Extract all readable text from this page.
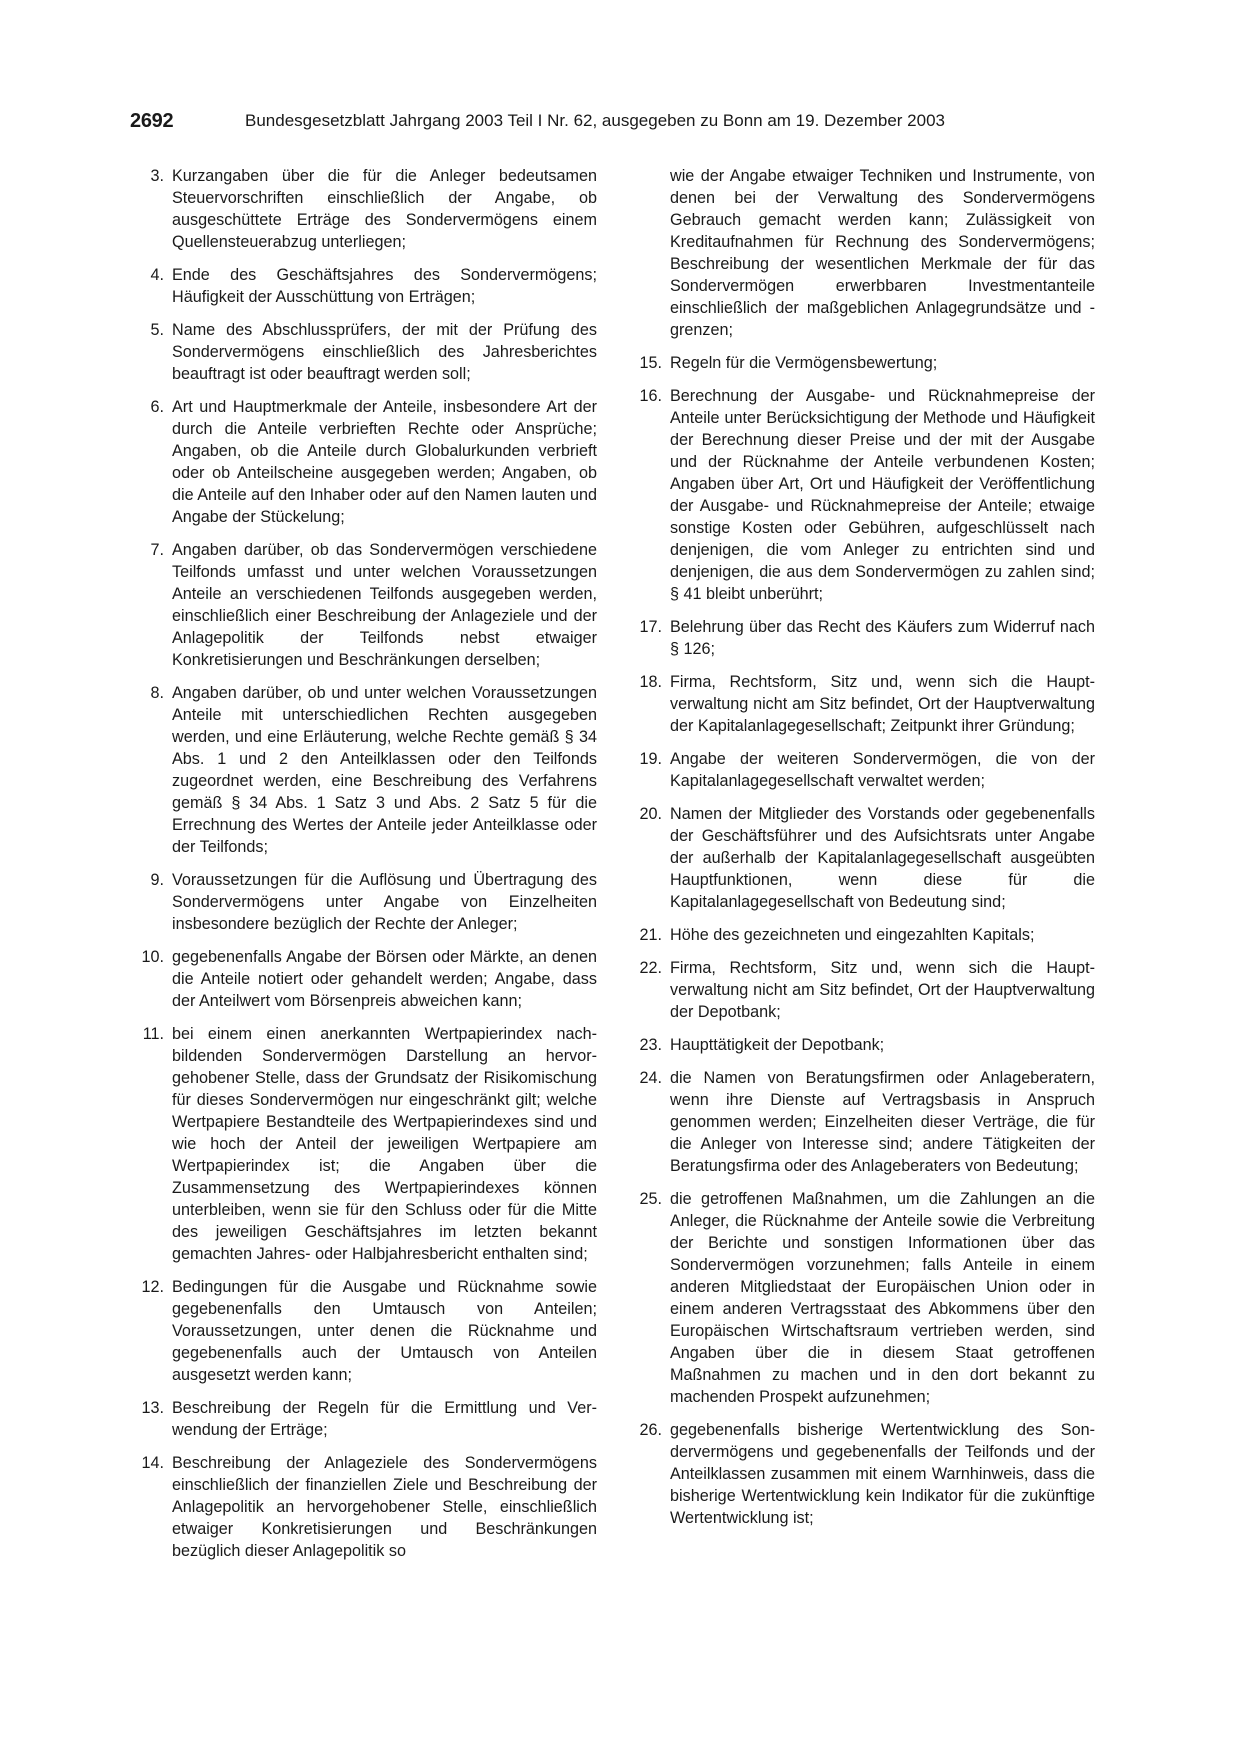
2692	Bundesgesetzblatt Jahrgang 2003 Teil I Nr. 62, ausgegeben zu Bonn am 19. Dezember 2003
3. Kurzangaben über die für die Anleger bedeutsamen Steuervorschriften einschließlich der Angabe, ob ausgeschüttete Erträge des Sondervermögens einem Quellensteuerabzug unterliegen;
4. Ende des Geschäftsjahres des Sondervermögens; Häufigkeit der Ausschüttung von Erträgen;
5. Name des Abschlussprüfers, der mit der Prüfung des Sondervermögens einschließlich des Jahresberichtes beauftragt ist oder beauftragt werden soll;
6. Art und Hauptmerkmale der Anteile, insbesondere Art der durch die Anteile verbrieften Rechte oder Ansprüche; Angaben, ob die Anteile durch Globalurkunden verbrieft oder ob Anteilscheine ausgegeben werden; Angaben, ob die Anteile auf den Inhaber oder auf den Namen lauten und Angabe der Stückelung;
7. Angaben darüber, ob das Sondervermögen verschiedene Teilfonds umfasst und unter welchen Voraussetzungen Anteile an verschiedenen Teilfonds ausgegeben werden, einschließlich einer Beschreibung der Anlageziele und der Anlagepolitik der Teilfonds nebst etwaiger Konkretisierungen und Beschränkungen derselben;
8. Angaben darüber, ob und unter welchen Voraussetzungen Anteile mit unterschiedlichen Rechten ausgegeben werden, und eine Erläuterung, welche Rechte gemäß § 34 Abs. 1 und 2 den Anteilklassen oder den Teilfonds zugeordnet werden, eine Beschreibung des Verfahrens gemäß § 34 Abs. 1 Satz 3 und Abs. 2 Satz 5 für die Errechnung des Wertes der Anteile jeder Anteilklasse oder der Teilfonds;
9. Voraussetzungen für die Auflösung und Übertragung des Sondervermögens unter Angabe von Einzelheiten insbesondere bezüglich der Rechte der Anleger;
10. gegebenenfalls Angabe der Börsen oder Märkte, an denen die Anteile notiert oder gehandelt werden; Angabe, dass der Anteilwert vom Börsenpreis abweichen kann;
11. bei einem einen anerkannten Wertpapierindex nachbildenden Sondervermögen Darstellung an hervorgehobener Stelle, dass der Grundsatz der Risikomischung für dieses Sondervermögen nur eingeschränkt gilt; welche Wertpapiere Bestandteile des Wertpapierindexes sind und wie hoch der Anteil der jeweiligen Wertpapiere am Wertpapierindex ist; die Angaben über die Zusammensetzung des Wertpapierindexes können unterbleiben, wenn sie für den Schluss oder für die Mitte des jeweiligen Geschäftsjahres im letzten bekannt gemachten Jahres- oder Halbjahresbericht enthalten sind;
12. Bedingungen für die Ausgabe und Rücknahme sowie gegebenenfalls den Umtausch von Anteilen; Voraussetzungen, unter denen die Rücknahme und gegebenenfalls auch der Umtausch von Anteilen ausgesetzt werden kann;
13. Beschreibung der Regeln für die Ermittlung und Verwendung der Erträge;
14. Beschreibung der Anlageziele des Sondervermögens einschließlich der finanziellen Ziele und Beschreibung der Anlagepolitik an hervorgehobener Stelle, einschließlich etwaiger Konkretisierungen und Beschränkungen bezüglich dieser Anlagepolitik so
wie der Angabe etwaiger Techniken und Instrumente, von denen bei der Verwaltung des Sondervermögens Gebrauch gemacht werden kann; Zulässigkeit von Kreditaufnahmen für Rechnung des Sondervermögens; Beschreibung der wesentlichen Merkmale der für das Sondervermögen erwerbbaren Investmentanteile einschließlich der maßgeblichen Anlagegrundsätze und -grenzen;
15. Regeln für die Vermögensbewertung;
16. Berechnung der Ausgabe- und Rücknahmepreise der Anteile unter Berücksichtigung der Methode und Häufigkeit der Berechnung dieser Preise und der mit der Ausgabe und der Rücknahme der Anteile verbundenen Kosten; Angaben über Art, Ort und Häufigkeit der Veröffentlichung der Ausgabe- und Rücknahmepreise der Anteile; etwaige sonstige Kosten oder Gebühren, aufgeschlüsselt nach denjenigen, die vom Anleger zu entrichten sind und denjenigen, die aus dem Sondervermögen zu zahlen sind; § 41 bleibt unberührt;
17. Belehrung über das Recht des Käufers zum Widerruf nach § 126;
18. Firma, Rechtsform, Sitz und, wenn sich die Hauptverwaltung nicht am Sitz befindet, Ort der Hauptverwaltung der Kapitalanlagegesellschaft; Zeitpunkt ihrer Gründung;
19. Angabe der weiteren Sondervermögen, die von der Kapitalanlagegesellschaft verwaltet werden;
20. Namen der Mitglieder des Vorstands oder gegebenenfalls der Geschäftsführer und des Aufsichtsrats unter Angabe der außerhalb der Kapitalanlagegesellschaft ausgeübten Hauptfunktionen, wenn diese für die Kapitalanlagegesellschaft von Bedeutung sind;
21. Höhe des gezeichneten und eingezahlten Kapitals;
22. Firma, Rechtsform, Sitz und, wenn sich die Hauptverwaltung nicht am Sitz befindet, Ort der Hauptverwaltung der Depotbank;
23. Haupttätigkeit der Depotbank;
24. die Namen von Beratungsfirmen oder Anlageberatern, wenn ihre Dienste auf Vertragsbasis in Anspruch genommen werden; Einzelheiten dieser Verträge, die für die Anleger von Interesse sind; andere Tätigkeiten der Beratungsfirma oder des Anlageberaters von Bedeutung;
25. die getroffenen Maßnahmen, um die Zahlungen an die Anleger, die Rücknahme der Anteile sowie die Verbreitung der Berichte und sonstigen Informationen über das Sondervermögen vorzunehmen; falls Anteile in einem anderen Mitgliedstaat der Europäischen Union oder in einem anderen Vertragsstaat des Abkommens über den Europäischen Wirtschaftsraum vertrieben werden, sind Angaben über die in diesem Staat getroffenen Maßnahmen zu machen und in den dort bekannt zu machenden Prospekt aufzunehmen;
26. gegebenenfalls bisherige Wertentwicklung des Sondervermögens und gegebenenfalls der Teilfonds und der Anteilklassen zusammen mit einem Warnhinweis, dass die bisherige Wertentwicklung kein Indikator für die zukünftige Wertentwicklung ist;
